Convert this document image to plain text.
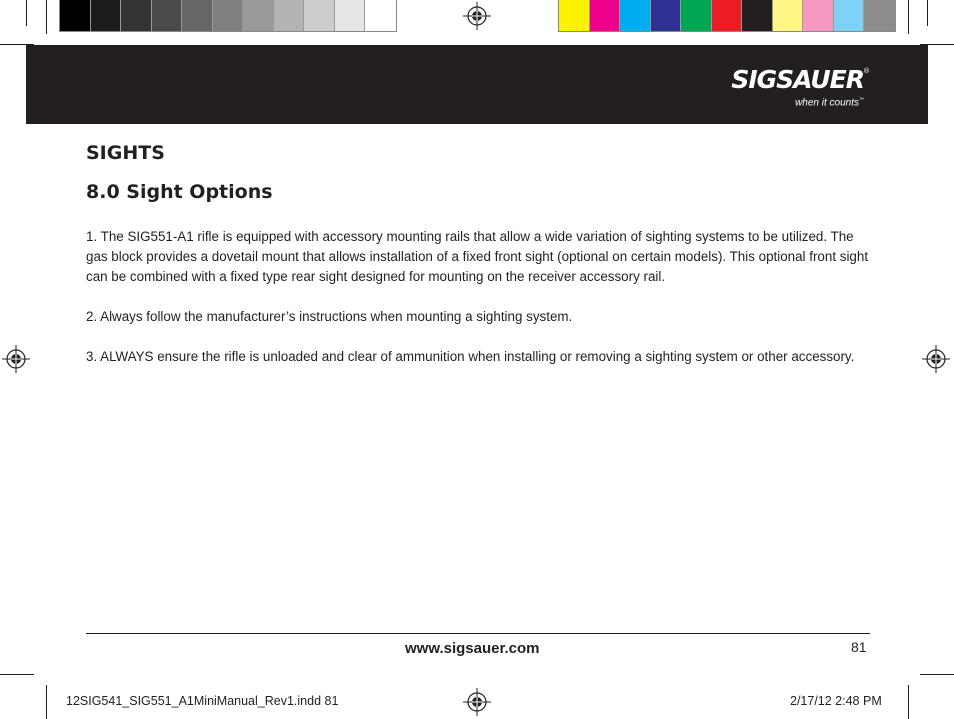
SIGSAUER ®
when it counts™
SIGHTS
8.0 Sight Options

1. The SIG551-A1 rifle is equipped with accessory mounting rails that allow a wide variation of sighting systems to be utilized. The gas block provides a dovetail mount that allows installation of a fixed front sight (optional on certain models). This optional front sight can be combined with a fixed type rear sight designed for mounting on the receiver accessory rail.

2. Always follow the manufacturer’s instructions when mounting a sighting system.

3. ALWAYS ensure the rifle is unloaded and clear of ammunition when installing or removing a sighting system or other accessory.

www.sigsauer.com	81
12SIG541_SIG551_A1MiniManual_Rev1.indd 81	2/17/12 2:48 PM
